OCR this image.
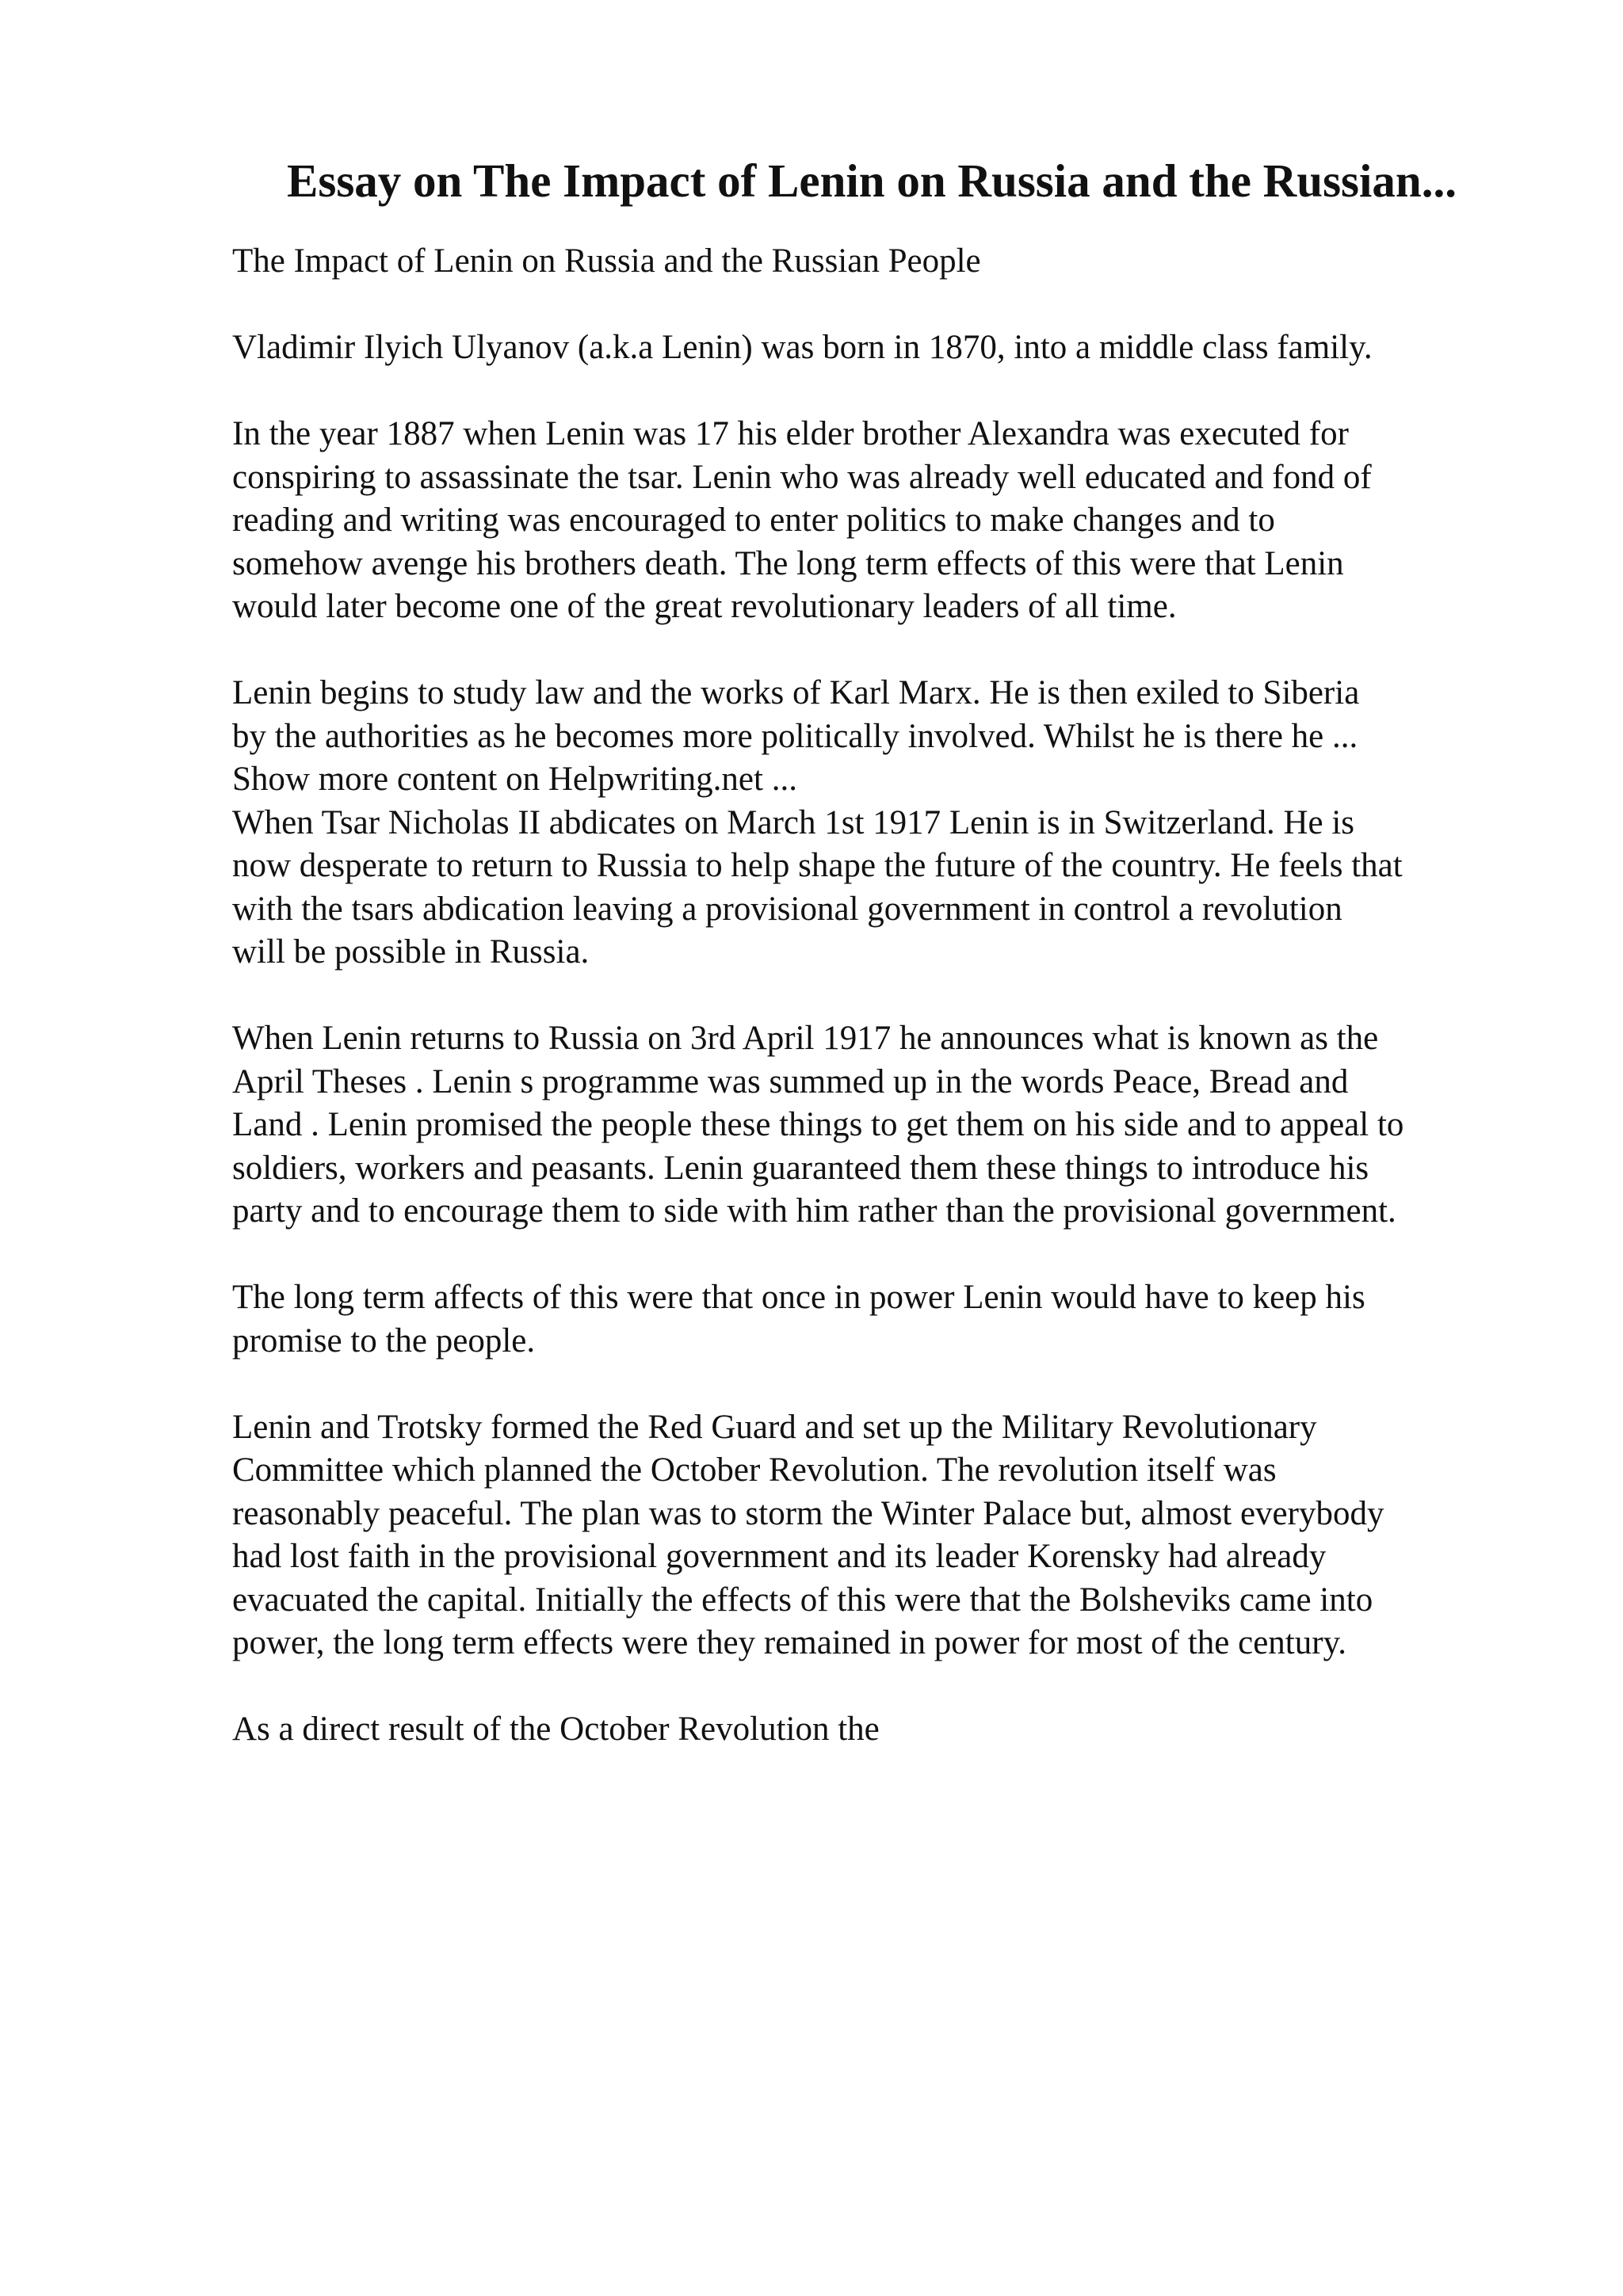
Essay on The Impact of Lenin on Russia and the Russian...
The Impact of Lenin on Russia and the Russian People
Vladimir Ilyich Ulyanov (a.k.a Lenin) was born in 1870, into a middle class family.
In the year 1887 when Lenin was 17 his elder brother Alexandra was executed for
conspiring to assassinate the tsar. Lenin who was already well educated and fond of
reading and writing was encouraged to enter politics to make changes and to
somehow avenge his brothers death. The long term effects of this were that Lenin
would later become one of the great revolutionary leaders of all time.
Lenin begins to study law and the works of Karl Marx. He is then exiled to Siberia
by the authorities as he becomes more politically involved. Whilst he is there he ...
Show more content on Helpwriting.net ...
When Tsar Nicholas II abdicates on March 1st 1917 Lenin is in Switzerland. He is
now desperate to return to Russia to help shape the future of the country. He feels that
with the tsars abdication leaving a provisional government in control a revolution
will be possible in Russia.
When Lenin returns to Russia on 3rd April 1917 he announces what is known as the
April Theses . Lenin s programme was summed up in the words Peace, Bread and
Land . Lenin promised the people these things to get them on his side and to appeal to
soldiers, workers and peasants. Lenin guaranteed them these things to introduce his
party and to encourage them to side with him rather than the provisional government.
The long term affects of this were that once in power Lenin would have to keep his
promise to the people.
Lenin and Trotsky formed the Red Guard and set up the Military Revolutionary
Committee which planned the October Revolution. The revolution itself was
reasonably peaceful. The plan was to storm the Winter Palace but, almost everybody
had lost faith in the provisional government and its leader Korensky had already
evacuated the capital. Initially the effects of this were that the Bolsheviks came into
power, the long term effects were they remained in power for most of the century.
As a direct result of the October Revolution the
